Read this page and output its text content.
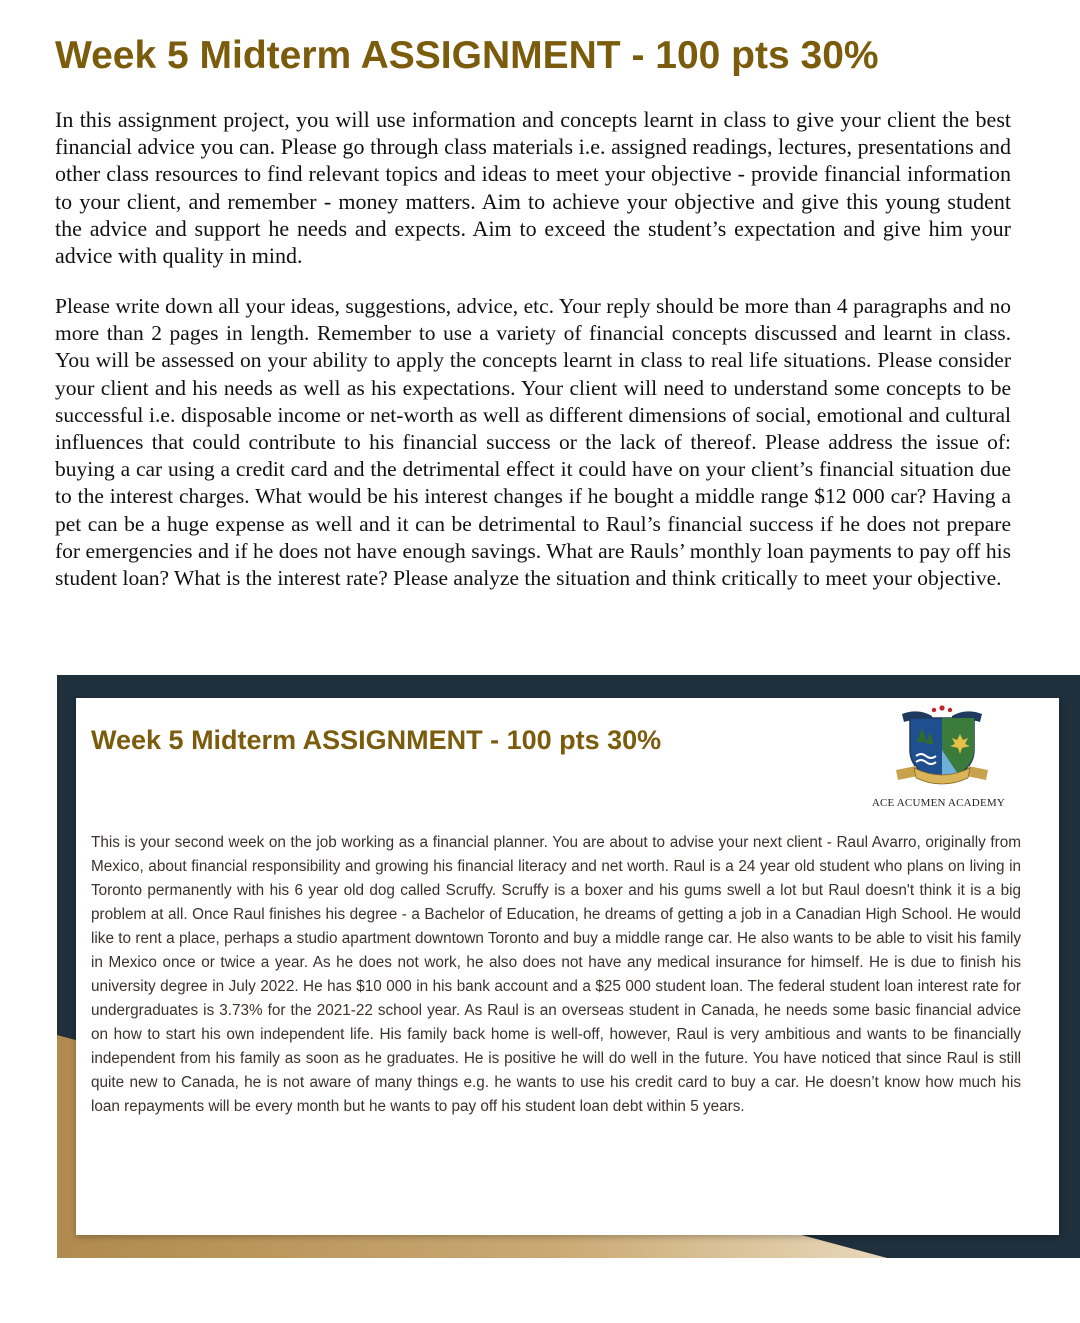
Week 5 Midterm ASSIGNMENT - 100 pts 30%

In this assignment project, you will use information and concepts learnt in class to give your client the best financial advice you can. Please go through class materials i.e. assigned readings, lectures, presentations and other class resources to find relevant topics and ideas to meet your objective - provide financial information to your client, and remember - money matters. Aim to achieve your objective and give this young student the advice and support he needs and expects. Aim to exceed the student’s expectation and give him your advice with quality in mind.

Please write down all your ideas, suggestions, advice, etc. Your reply should be more than 4 paragraphs and no more than 2 pages in length. Remember to use a variety of financial concepts discussed and learnt in class. You will be assessed on your ability to apply the concepts learnt in class to real life situations. Please consider your client and his needs as well as his expectations. Your client will need to understand some concepts to be successful i.e. disposable income or net-worth as well as different dimensions of social, emotional and cultural influences that could contribute to his financial success or the lack of thereof. Please address the issue of: buying a car using a credit card and the detrimental effect it could have on your client’s financial situation due to the interest charges. What would be his interest changes if he bought a middle range $12 000 car? Having a pet can be a huge expense as well and it can be detrimental to Raul’s financial success if he does not prepare for emergencies and if he does not have enough savings. What are Rauls’ monthly loan payments to pay off his student loan? What is the interest rate? Please analyze the situation and think critically to meet your objective.

Week 5 Midterm ASSIGNMENT - 100 pts 30%

ACE ACUMEN ACADEMY

This is your second week on the job working as a financial planner. You are about to advise your next client - Raul Avarro, originally from Mexico, about financial responsibility and growing his financial literacy and net worth. Raul is a 24 year old student who plans on living in Toronto permanently with his 6 year old dog called Scruffy. Scruffy is a boxer and his gums swell a lot but Raul doesn't think it is a big problem at all. Once Raul finishes his degree - a Bachelor of Education, he dreams of getting a job in a Canadian High School. He would like to rent a place, perhaps a studio apartment downtown Toronto and buy a middle range car. He also wants to be able to visit his family in Mexico once or twice a year. As he does not work, he also does not have any medical insurance for himself. He is due to finish his university degree in July 2022. He has $10 000 in his bank account and a $25 000 student loan. The federal student loan interest rate for undergraduates is 3.73% for the 2021-22 school year. As Raul is an overseas student in Canada, he needs some basic financial advice on how to start his own independent life. His family back home is well-off, however, Raul is very ambitious and wants to be financially independent from his family as soon as he graduates. He is positive he will do well in the future. You have noticed that since Raul is still quite new to Canada, he is not aware of many things e.g. he wants to use his credit card to buy a car. He doesn’t know how much his loan repayments will be every month but he wants to pay off his student loan debt within 5 years.
